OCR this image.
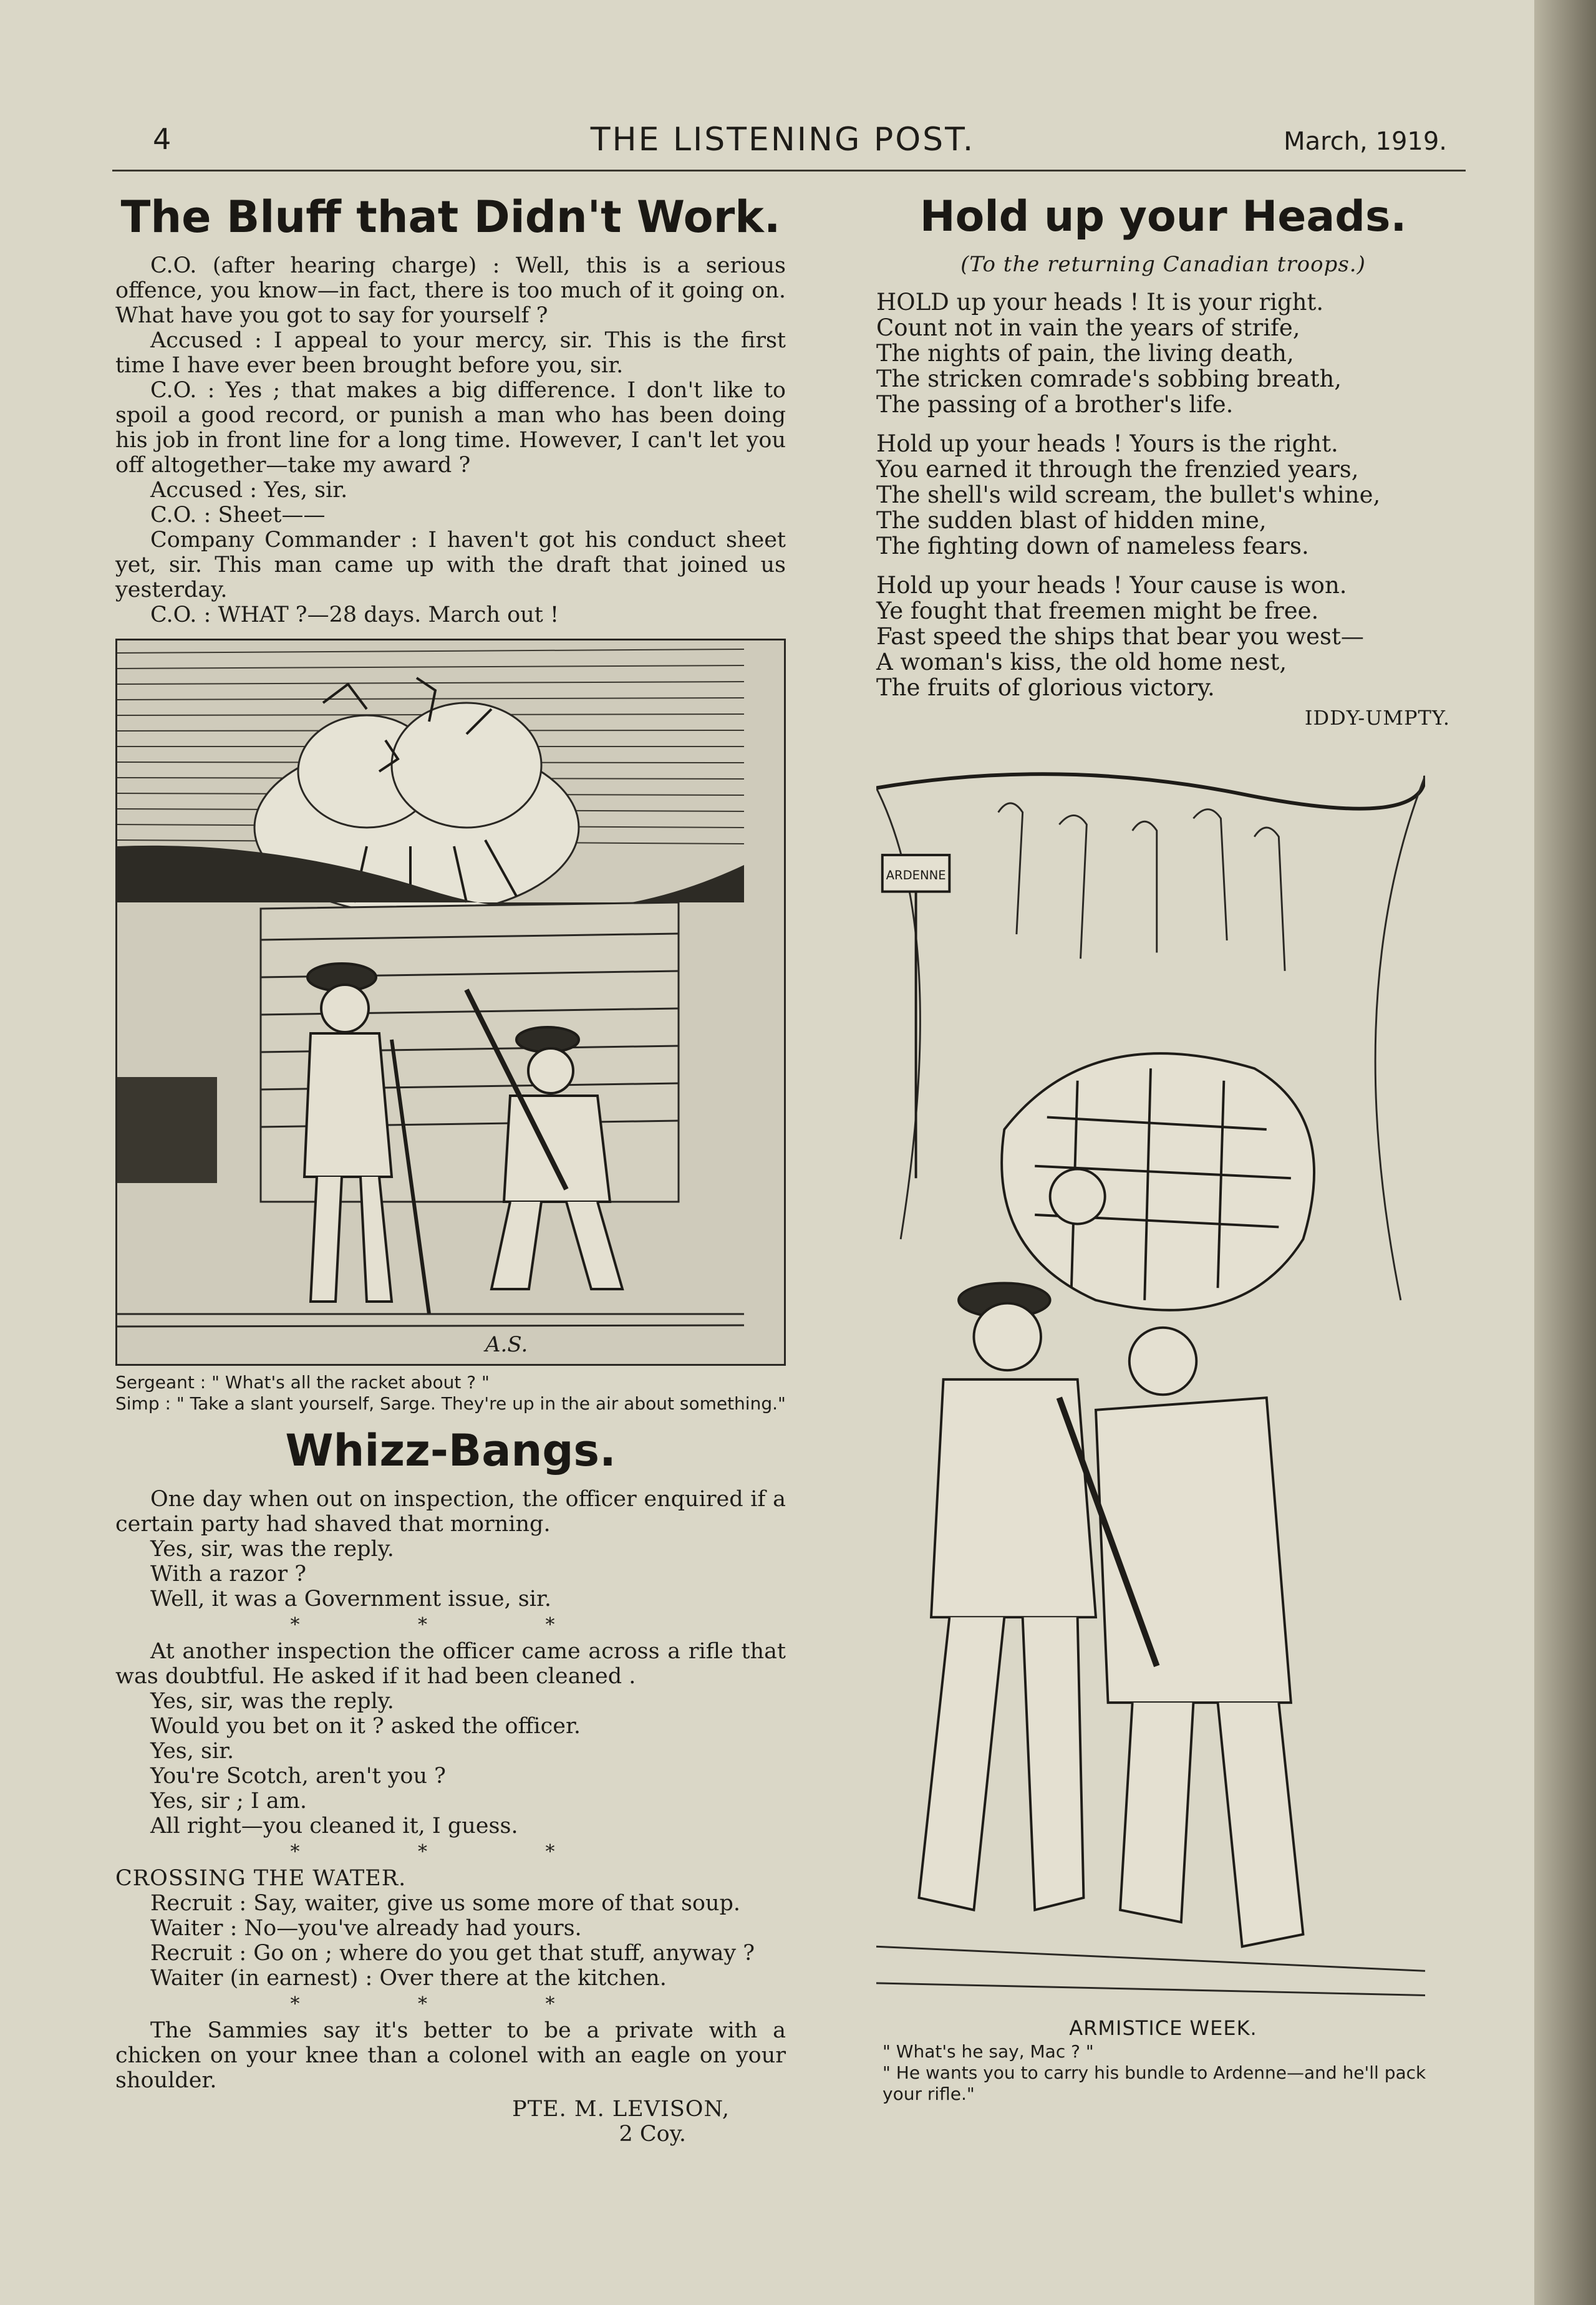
4	THE LISTENING POST.	March, 1919.
The Bluff that Didn't Work.

C.O. (after hearing charge) : Well, this is a serious offence, you know—in fact, there is too much of it going on. What have you got to say for yourself ?

Accused : I appeal to your mercy, sir. This is the first time I have ever been brought before you, sir.

C.O. : Yes ; that makes a big difference. I don't like to spoil a good record, or punish a man who has been doing his job in front line for a long time. However, I can't let you off altogether—take my award ?

Accused : Yes, sir.

C.O. : Sheet——

Company Commander : I haven't got his conduct sheet yet, sir. This man came up with the draft that joined us yesterday.

C.O. : WHAT ?—28 days. March out !

A.S.

Sergeant : " What's all the racket about ? "

Simp : " Take a slant yourself, Sarge. They're up in the air about something."

Whizz-Bangs.

One day when out on inspection, the officer enquired if a certain party had shaved that morning.

Yes, sir, was the reply.

With a razor ?

Well, it was a Government issue, sir.

* * *

At another inspection the officer came across a rifle that was doubtful. He asked if it had been cleaned .

Yes, sir, was the reply.

Would you bet on it ? asked the officer.

Yes, sir.

You're Scotch, aren't you ?

Yes, sir ; I am.

All right—you cleaned it, I guess.

* * *

CROSSING THE WATER.

Recruit : Say, waiter, give us some more of that soup.

Waiter : No—you've already had yours.

Recruit : Go on ; where do you get that stuff, anyway ?

Waiter (in earnest) : Over there at the kitchen.

* * *

The Sammies say it's better to be a private with a chicken on your knee than a colonel with an eagle on your shoulder.

PTE. M. LEVISON,

2 Coy.

Hold up your Heads.

(To the returning Canadian troops.)

HOLD up your heads ! It is your right.

Count not in vain the years of strife,

The nights of pain, the living death,

The stricken comrade's sobbing breath,

The passing of a brother's life.

Hold up your heads ! Yours is the right.

You earned it through the frenzied years,

The shell's wild scream, the bullet's whine,

The sudden blast of hidden mine,

The fighting down of nameless fears.

Hold up your heads ! Your cause is won.

Ye fought that freemen might be free.

Fast speed the ships that bear you west—

A woman's kiss, the old home nest,

The fruits of glorious victory.

IDDY-UMPTY.

ARDENNE

ARMISTICE WEEK.

" What's he say, Mac ? "

" He wants you to carry his bundle to Ardenne—and he'll pack your rifle."
